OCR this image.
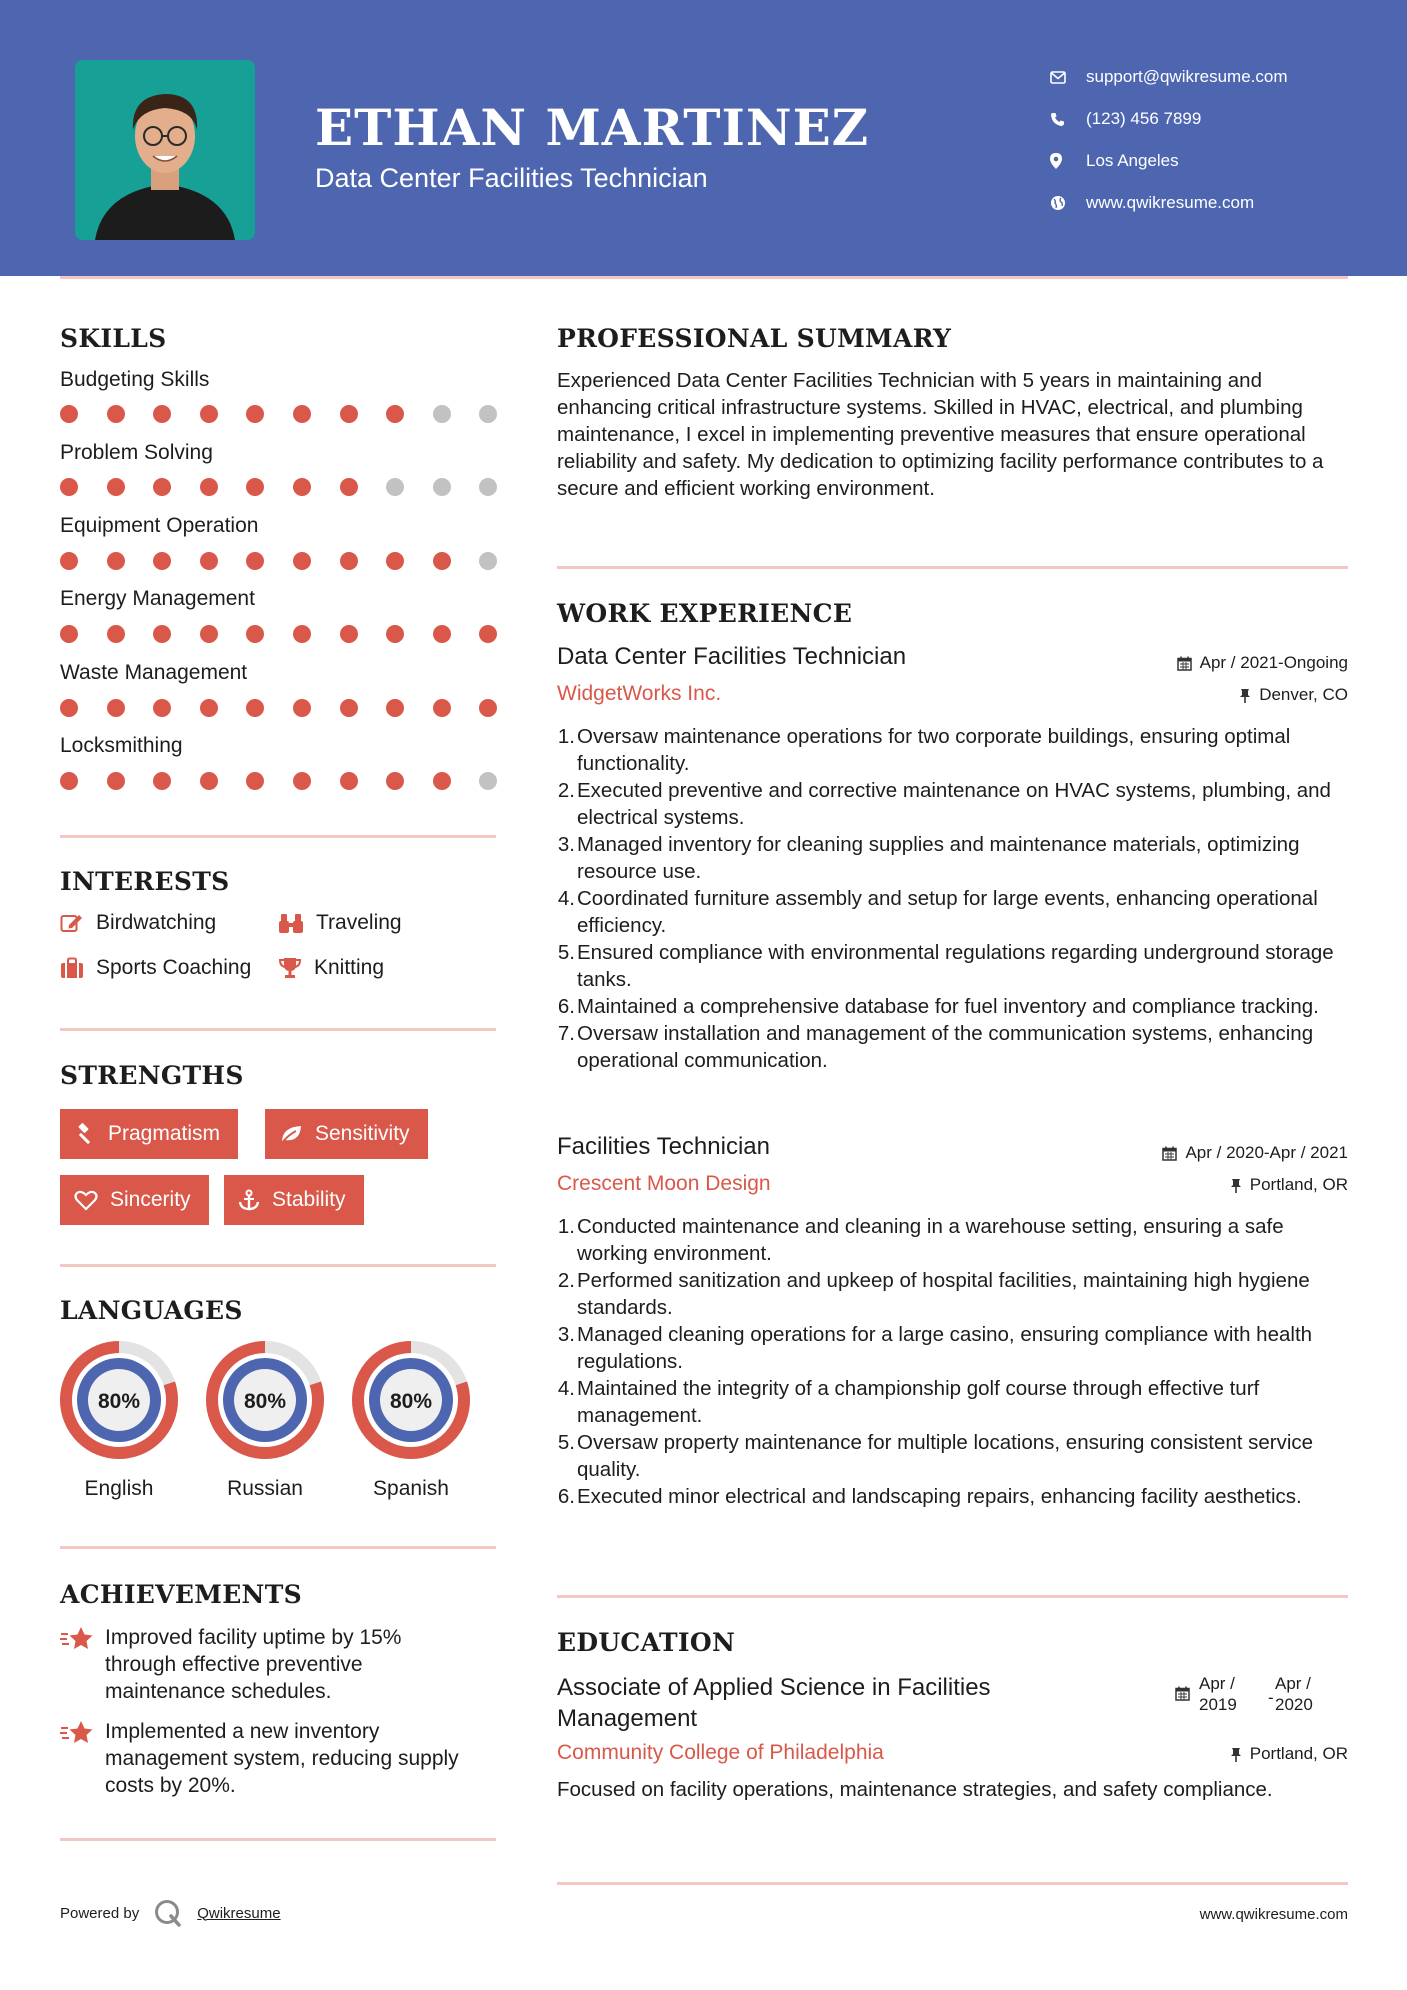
ETHAN MARTINEZ
Data Center Facilities Technician
support@qwikresume.com
(123) 456 7899
Los Angeles
www.qwikresume.com
SKILLS
Budgeting Skills
Problem Solving
Equipment Operation
Energy Management
Waste Management
Locksmithing
INTERESTS
Birdwatching	Traveling
Sports Coaching	Knitting
STRENGTHS
Pragmatism	Sensitivity
Sincerity	Stability
LANGUAGES
80%
English
80%
Russian
80%
Spanish
ACHIEVEMENTS
Improved facility uptime by 15% through effective preventive maintenance schedules.
Implemented a new inventory management system, reducing supply costs by 20%.
PROFESSIONAL SUMMARY
Experienced Data Center Facilities Technician with 5 years in maintaining and enhancing critical infrastructure systems. Skilled in HVAC, electrical, and plumbing maintenance, I excel in implementing preventive measures that ensure operational reliability and safety. My dedication to optimizing facility performance contributes to a secure and efficient working environment.
WORK EXPERIENCE
Data Center Facilities Technician	Apr / 2021-Ongoing
WidgetWorks Inc.	Denver, CO
1. Oversaw maintenance operations for two corporate buildings, ensuring optimal functionality.
2. Executed preventive and corrective maintenance on HVAC systems, plumbing, and electrical systems.
3. Managed inventory for cleaning supplies and maintenance materials, optimizing resource use.
4. Coordinated furniture assembly and setup for large events, enhancing operational efficiency.
5. Ensured compliance with environmental regulations regarding underground storage tanks.
6. Maintained a comprehensive database for fuel inventory and compliance tracking.
7. Oversaw installation and management of the communication systems, enhancing operational communication.
Facilities Technician	Apr / 2020-Apr / 2021
Crescent Moon Design	Portland, OR
1. Conducted maintenance and cleaning in a warehouse setting, ensuring a safe working environment.
2. Performed sanitization and upkeep of hospital facilities, maintaining high hygiene standards.
3. Managed cleaning operations for a large casino, ensuring compliance with health regulations.
4. Maintained the integrity of a championship golf course through effective turf management.
5. Oversaw property maintenance for multiple locations, ensuring consistent service quality.
6. Executed minor electrical and landscaping repairs, enhancing facility aesthetics.
EDUCATION
Associate of Applied Science in Facilities Management
Apr / 2019	-
Apr / 2020
Community College of Philadelphia	Portland, OR
Focused on facility operations, maintenance strategies, and safety compliance.
Powered by	Qwikresume	www.qwikresume.com
